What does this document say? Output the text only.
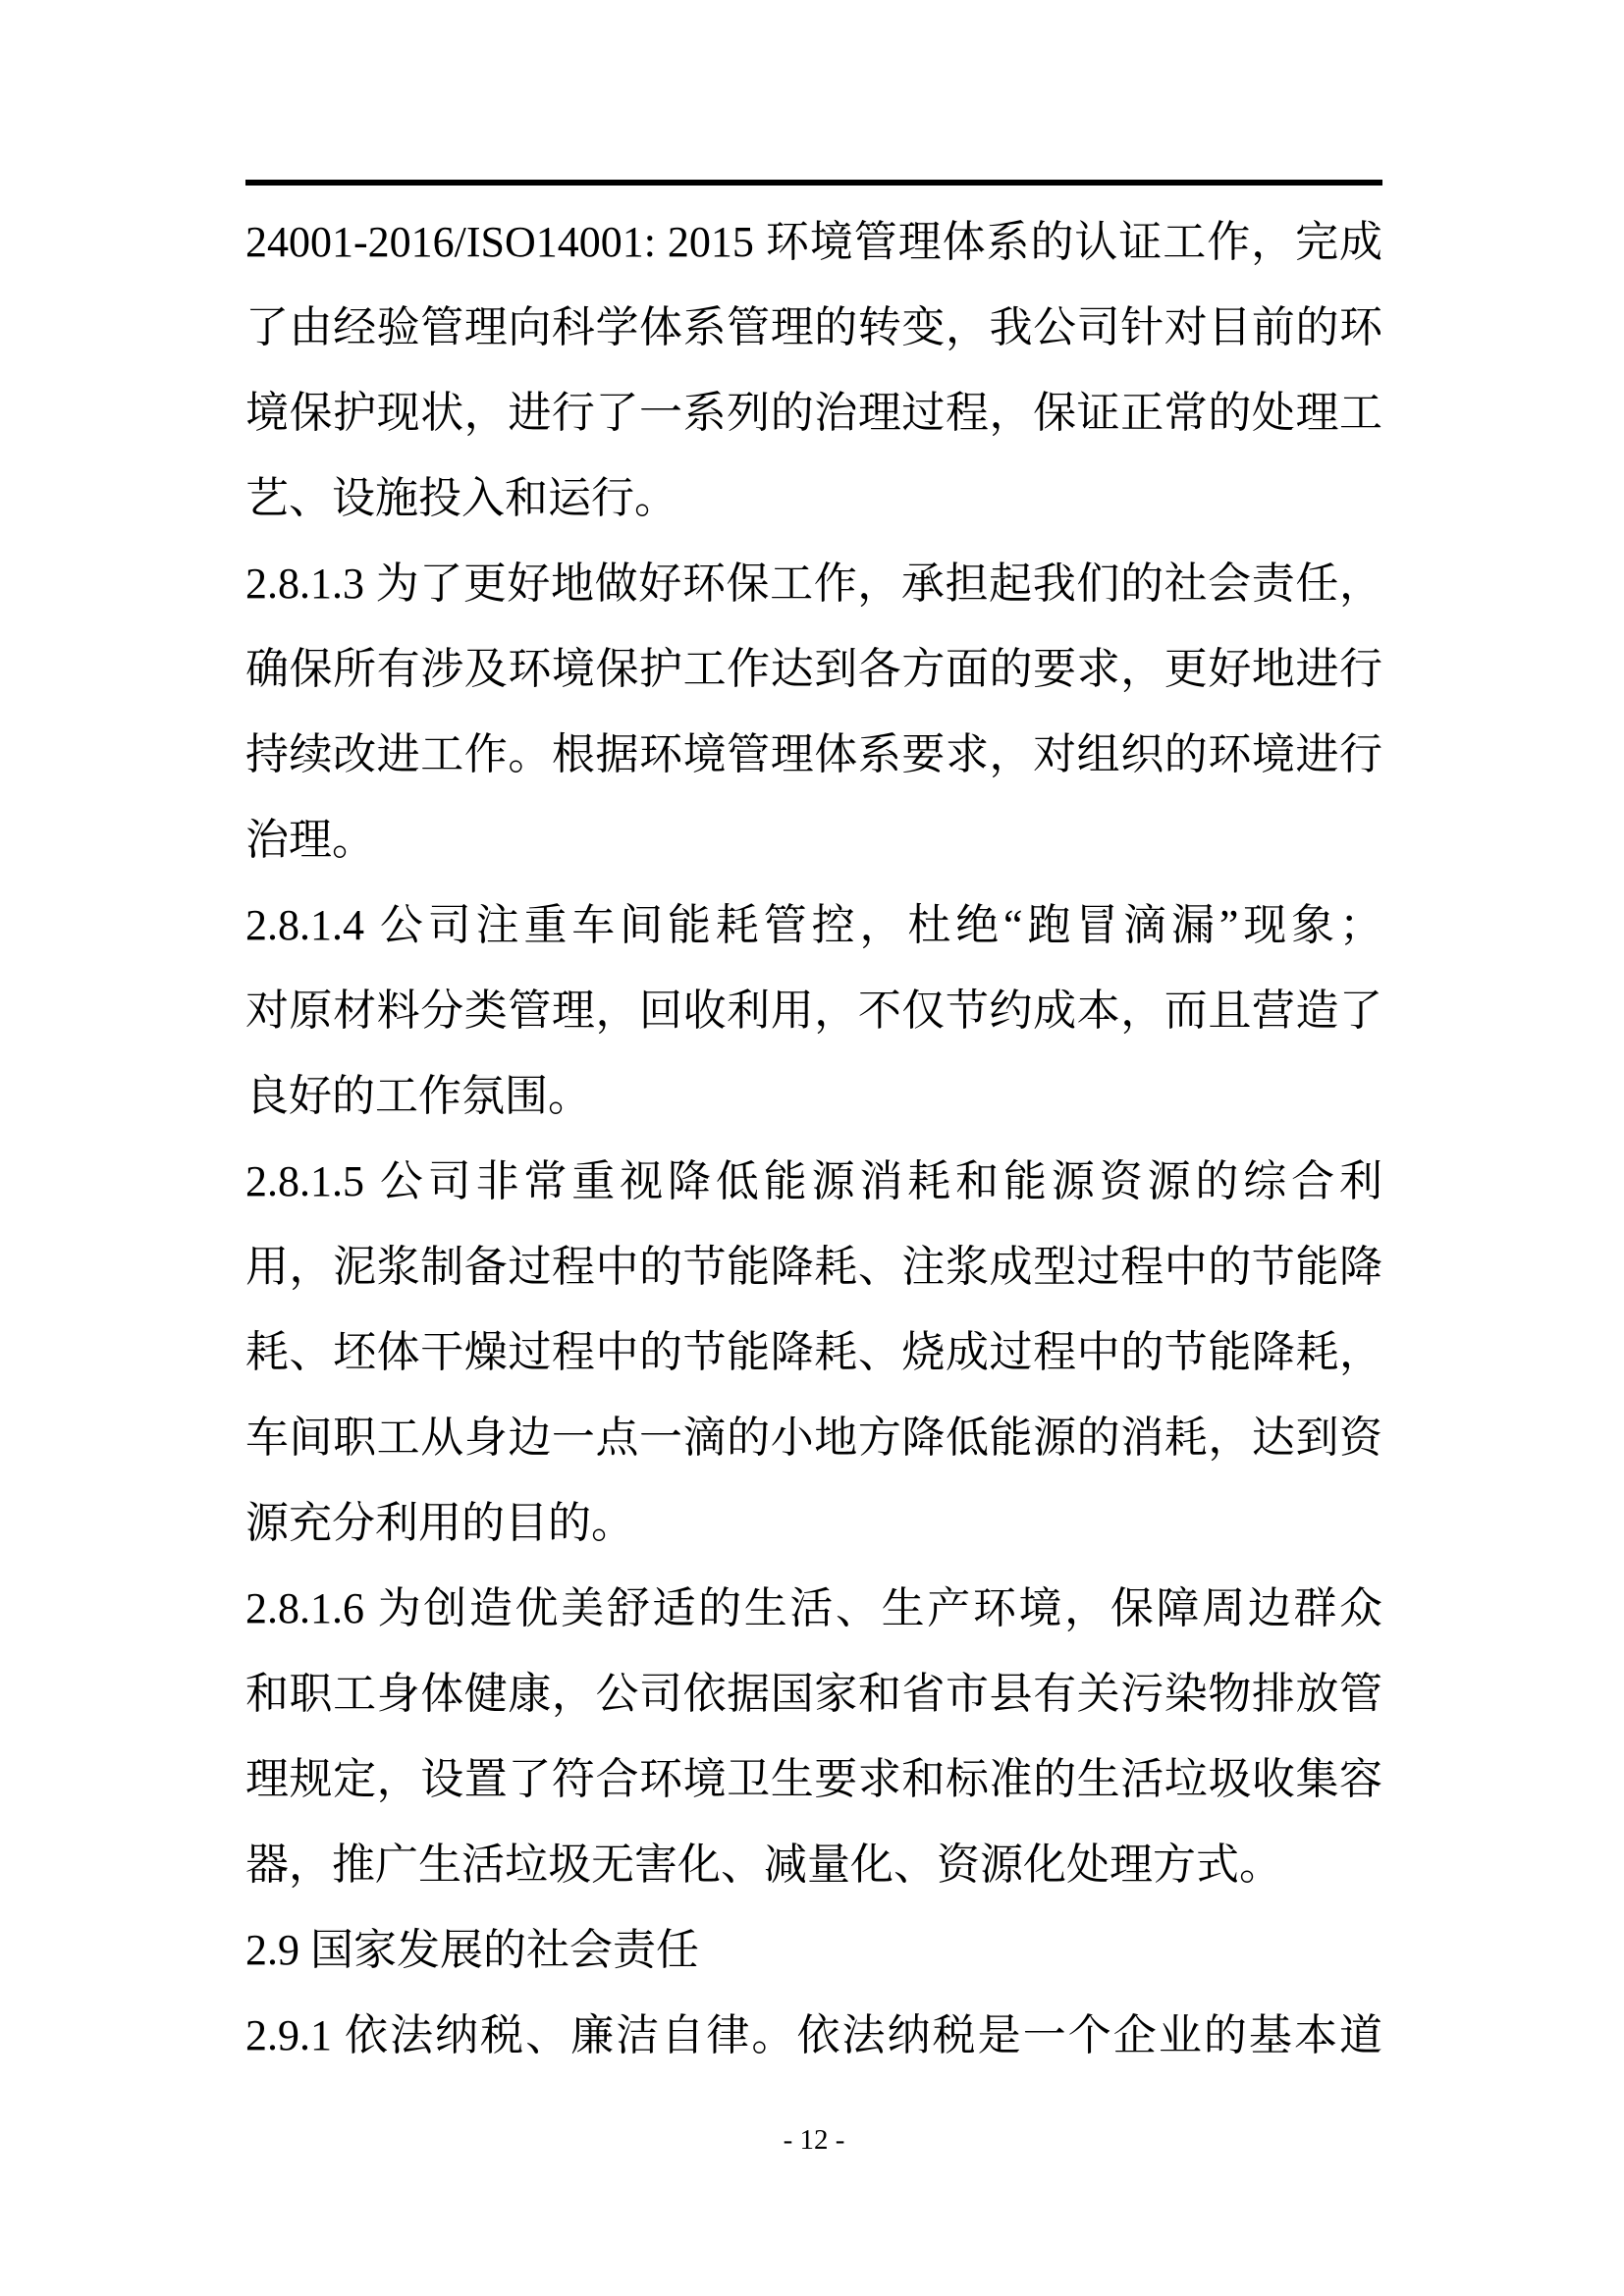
24001-2016/ISO14001: 2015 环境管理体系的认证工作，完成
了由经验管理向科学体系管理的转变，我公司针对目前的环
境保护现状，进行了一系列的治理过程，保证正常的处理工
艺、设施投入和运行。
2.8.1.3 为了更好地做好环保工作，承担起我们的社会责任，
确保所有涉及环境保护工作达到各方面的要求，更好地进行
持续改进工作。根据环境管理体系要求，对组织的环境进行
治理。
2.8.1.4 公司注重车间能耗管控，杜绝“跑冒滴漏”现象；
对原材料分类管理，回收利用，不仅节约成本，而且营造了
良好的工作氛围。
2.8.1.5 公司非常重视降低能源消耗和能源资源的综合利
用，泥浆制备过程中的节能降耗、注浆成型过程中的节能降
耗、坯体干燥过程中的节能降耗、烧成过程中的节能降耗，
车间职工从身边一点一滴的小地方降低能源的消耗，达到资
源充分利用的目的。
2.8.1.6 为创造优美舒适的生活、生产环境，保障周边群众
和职工身体健康，公司依据国家和省市县有关污染物排放管
理规定，设置了符合环境卫生要求和标准的生活垃圾收集容
器，推广生活垃圾无害化、减量化、资源化处理方式。
2.9 国家发展的社会责任
2.9.1 依法纳税、廉洁自律。依法纳税是一个企业的基本道
- 12 -
